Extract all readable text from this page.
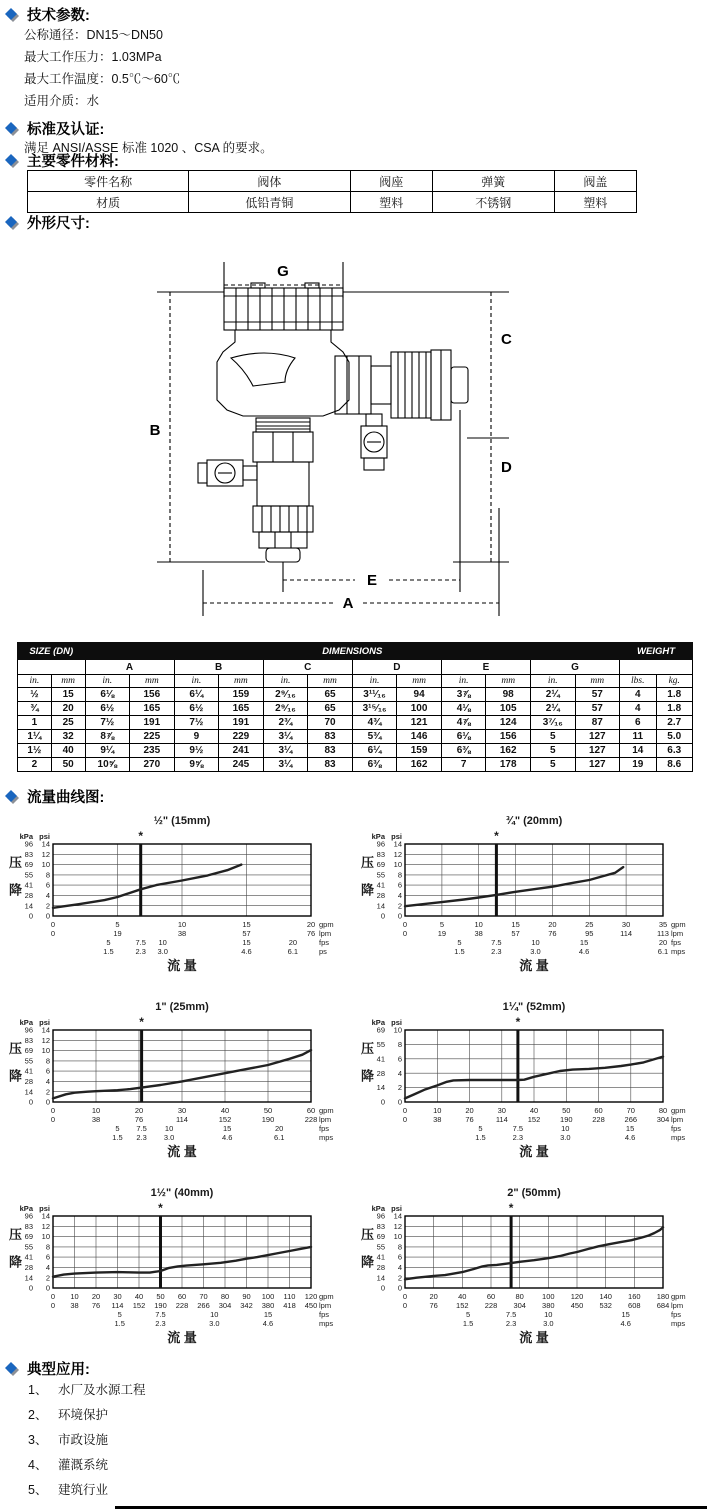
技术参数:
公称通径：DN15～DN50
最大工作压力：1.03MPa
最大工作温度：0.5℃～60℃
适用介质：水
标准及认证:
满足 ANSI/ASSE 标准 1020 、CSA 的要求。
主要零件材料:
零件名称	阀体	阀座	弹簧	阀盖
材质	低铅青铜	塑料	不锈钢	塑料
外形尺寸:
G
B
C
D
E
A
SIZE (DN)		DIMENSIONS												WEIGHT	
		A		B		C		D		E		G			
in.	mm	in.	mm	in.	mm	in.	mm	in.	mm	in.	mm	in.	mm	lbs.	kg.
½	15	6⅛	156	6¼	159	2⁹⁄₁₆	65	3¹¹⁄₁₆	94	3⅞	98	2¼	57	4	1.8
¾	20	6½	165	6½	165	2⁹⁄₁₆	65	3¹⁵⁄₁₆	100	4⅛	105	2¼	57	4	1.8
1	25	7½	191	7½	191	2¾	70	4¾	121	4⅞	124	3⁷⁄₁₆	87	6	2.7
1¼	32	8⅞	225	9	229	3¼	83	5¾	146	6⅛	156	5	127	11	5.0
1½	40	9¼	235	9½	241	3¼	83	6¼	159	6⅜	162	5	127	14	6.3
2	50	10⅝	270	9⅝	245	3¼	83	6⅜	162	7	178	5	127	19	8.6
流量曲线图:
½" (15mm)
kPa psi
96 14
83 12
69 10
55 8
41 6
28 4
14 2
0 0
压
降
*
0
0
5
19
10
38
15
57
20
76
5	7.5 10	15	20
1.5	2.3 3.0	4.6	6.1
gpm
lpm
fps
ps
流 量
¾" (20mm)
kPa psi
96 14
83 12
69 10
55 8
41 6
28 4
14 2
0 0
压
降
*
0
0
5
19
10
38
15
57
20
76
25
95
30
114
35
113
5	7.5	10	15	20
1.5	2.3	3.0	4.6	6.1
gpm
lpm
fps
mps
流 量
1" (25mm)
kPa psi
96 14
83 12
69 10
55 8
41 6
28 4
14 2
0 0
压
降
*
0
0
10
38
20
76
30
114
40
152
50
190
60
228
5 7.5 10	15	20
1.5 2.3 3.0	4.6	6.1
gpm
lpm
fps
mps
流 量
1¼" (52mm)
kPa psi
69 10
55 8
41 6
28 4
14 2
0 0
压
降
*
0
0
10
38
20
76
30
114
40
152
50
190
60
228
70
266
80
304
5	7.5	10	15
1.5	2.3	3.0	4.6
gpm
lpm
fps
mps
流 量
1½" (40mm)
kPa psi
96 14
83 12
69 10
55 8
41 6
28 4
14 2
0 0
压
降
*
0
0
10
38
20
76
30
114
40
152
50
190
60
228
70
266
80
304
90
342
100
380
110
418
120
450
5	7.5	10	15
1.5	2.3	3.0	4.6
gpm
lpm
fps
mps
流 量
2" (50mm)
kPa psi
96 14
83 12
69 10
55 8
41 6
28 4
14 2
0 0
压
降
*
0
0
20
76
40
152
60
228
80
304
100
380
120
450
140
532
160
608
180
684
5	7.5	10	15
1.5	2.3	3.0	4.6
gpm
lpm
fps
mps
流 量
典型应用:
1、 水厂及水源工程
2、 环境保护
3、 市政设施
4、 灌溉系统
5、 建筑行业
